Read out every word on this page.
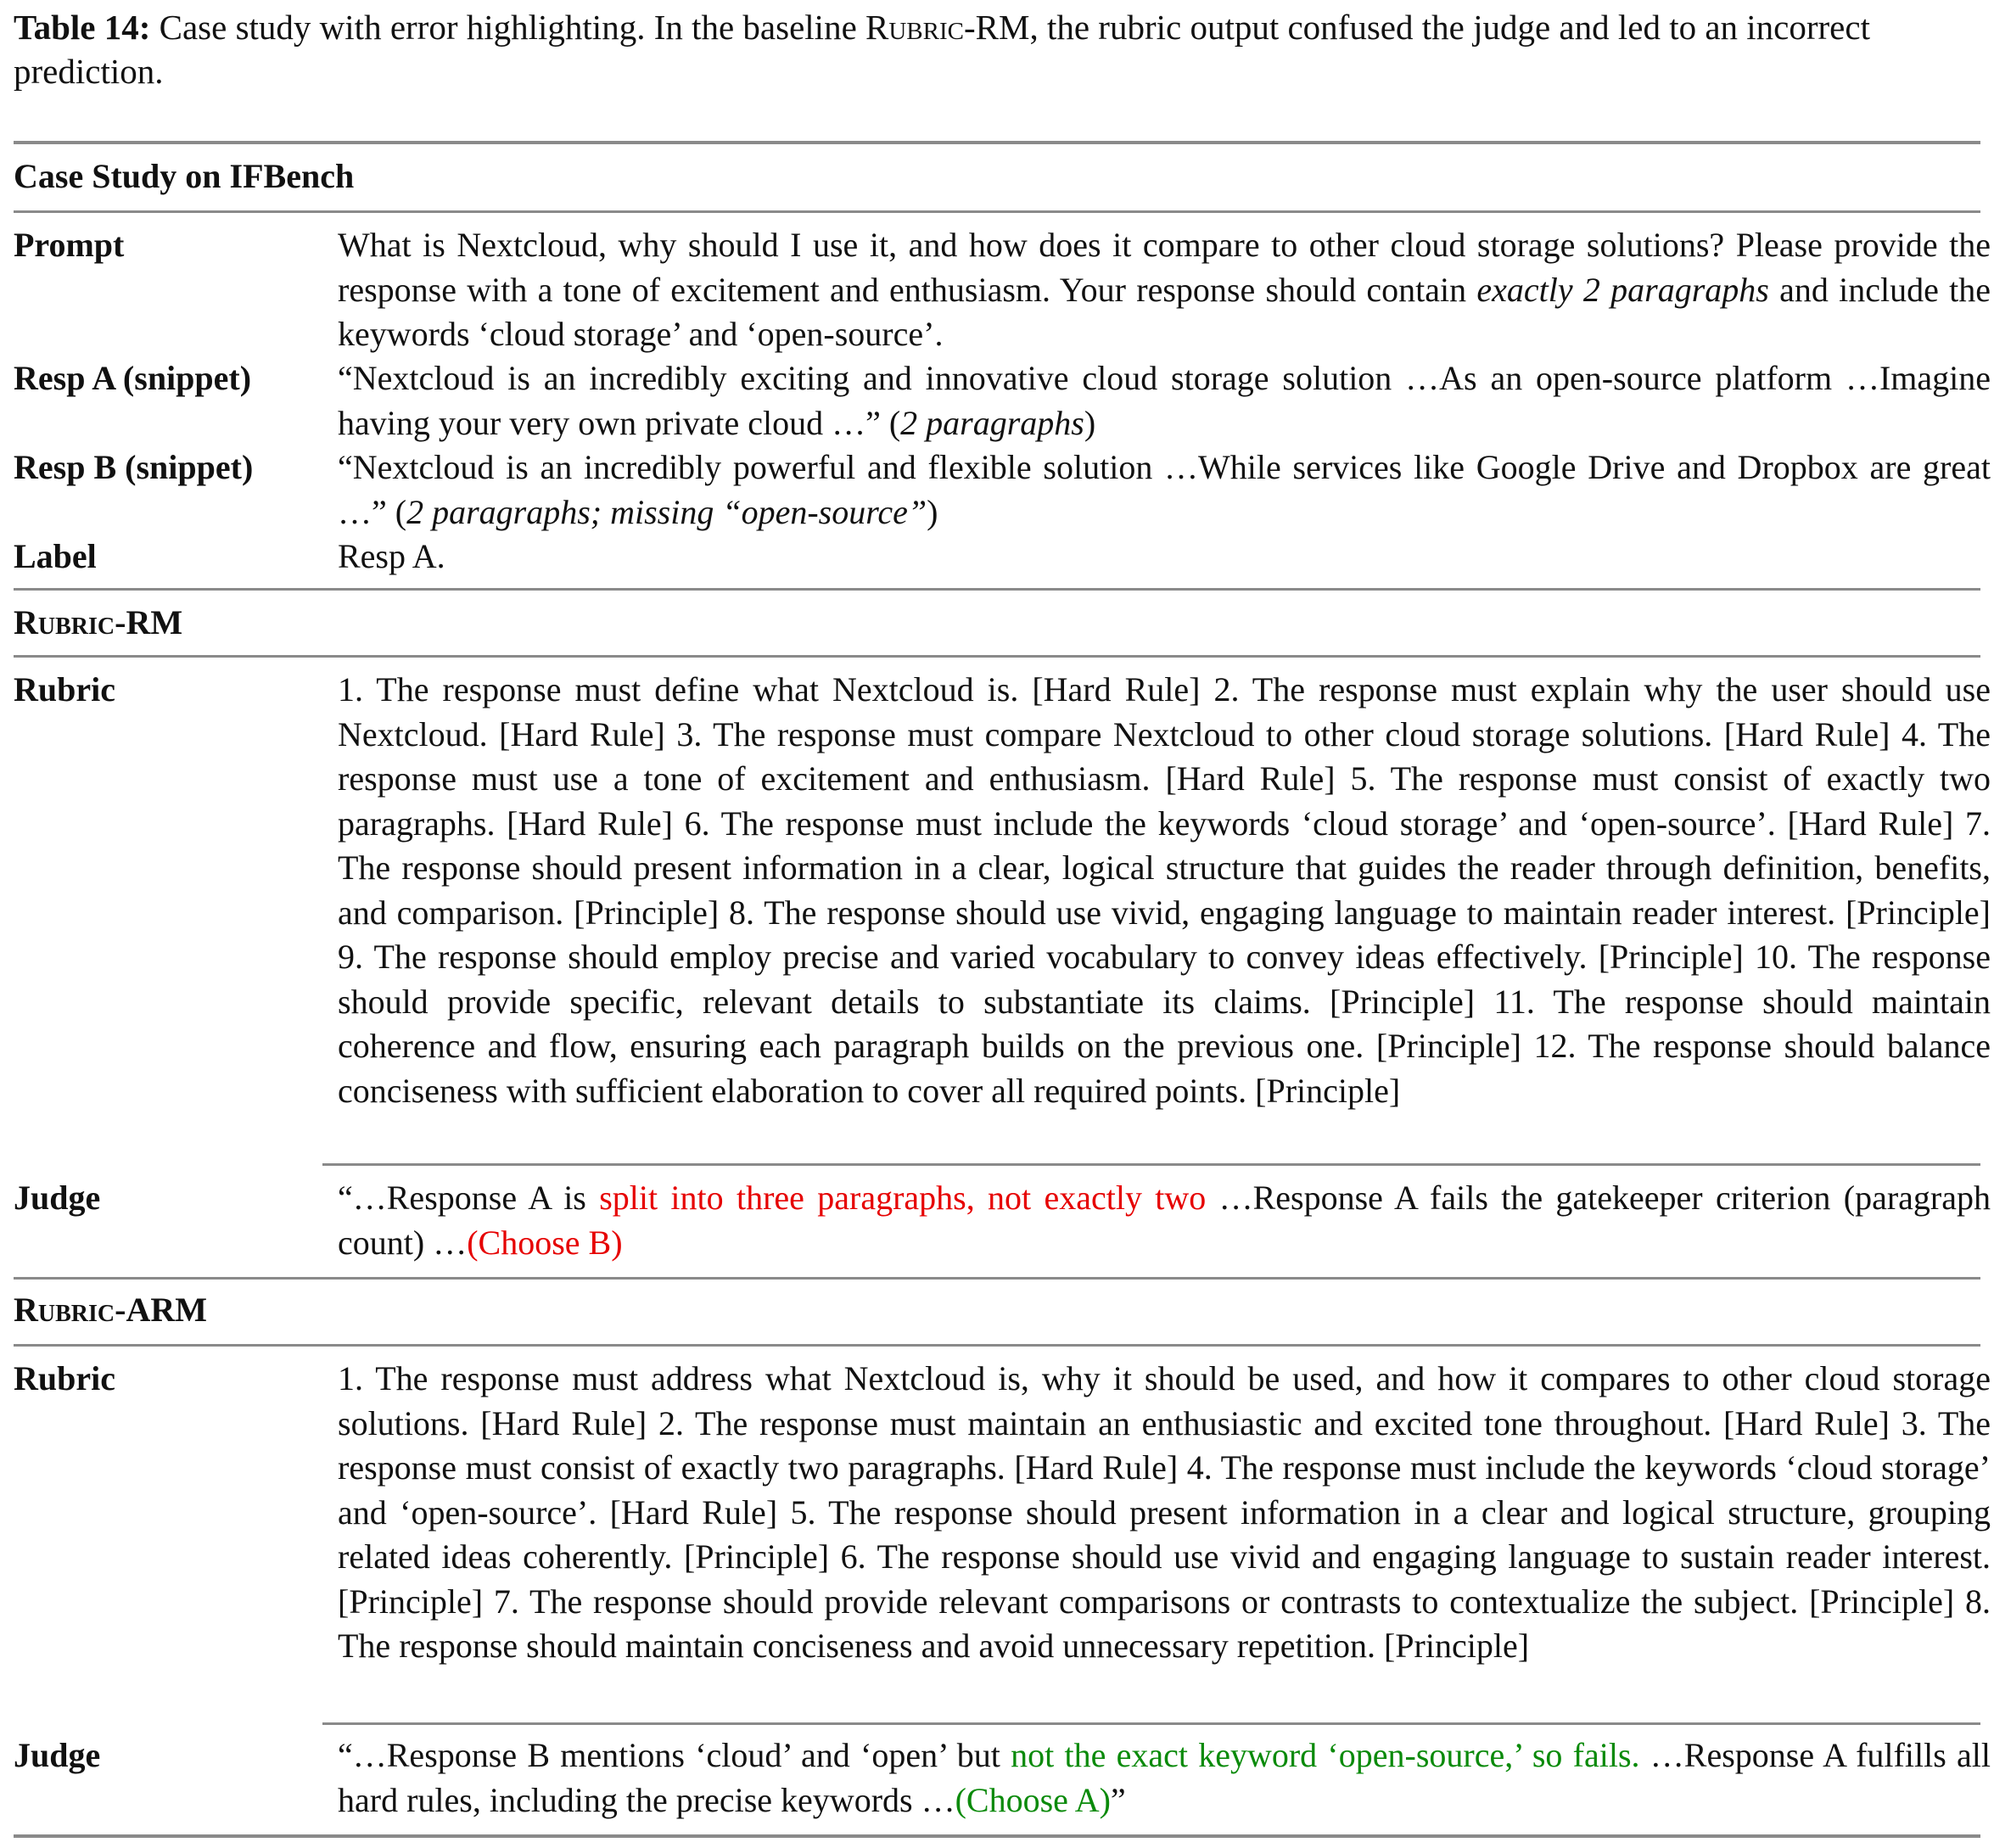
Table 14: Case study with error highlighting. In the baseline Rubric-RM, the rubric output confused the judge and led to an incorrect prediction.
Case Study on IFBench
Prompt	What is Nextcloud, why should I use it, and how does it compare to other cloud storage solutions? Please provide the response with a tone of excitement and enthusiasm. Your response should contain exactly 2 paragraphs and include the keywords ‘cloud storage’ and ‘open-source’.
Resp A (snippet)	“Nextcloud is an incredibly exciting and innovative cloud storage solution …As an open-source platform …Imagine having your very own private cloud …” (2 paragraphs)
Resp B (snippet)	“Nextcloud is an incredibly powerful and flexible solution …While services like Google Drive and Dropbox are great …” (2 paragraphs; missing “open-source”)
Label	Resp A.
Rubric-RM
Rubric	1. The response must define what Nextcloud is. [Hard Rule] 2. The response must explain why the user should use Nextcloud. [Hard Rule] 3. The response must compare Nextcloud to other cloud storage solutions. [Hard Rule] 4. The response must use a tone of excitement and enthusiasm. [Hard Rule] 5. The response must consist of exactly two paragraphs. [Hard Rule] 6. The response must include the keywords ‘cloud storage’ and ‘open-source’. [Hard Rule] 7. The response should present information in a clear, logical structure that guides the reader through definition, benefits, and comparison. [Principle] 8. The response should use vivid, engaging language to maintain reader interest. [Principle] 9. The response should employ precise and varied vocabulary to convey ideas effectively. [Principle] 10. The response should provide specific, relevant details to substantiate its claims. [Principle] 11. The response should maintain coherence and flow, ensuring each paragraph builds on the previous one. [Principle] 12. The response should balance conciseness with sufficient elaboration to cover all required points. [Principle]
Judge	“…Response A is split into three paragraphs, not exactly two …Response A fails the gatekeeper criterion (paragraph count) …(Choose B)
Rubric-ARM
Rubric	1. The response must address what Nextcloud is, why it should be used, and how it compares to other cloud storage solutions. [Hard Rule] 2. The response must maintain an enthusiastic and excited tone throughout. [Hard Rule] 3. The response must consist of exactly two paragraphs. [Hard Rule] 4. The response must include the keywords ‘cloud storage’ and ‘open-source’. [Hard Rule] 5. The response should present information in a clear and logical structure, grouping related ideas coherently. [Principle] 6. The response should use vivid and engaging language to sustain reader interest. [Principle] 7. The response should provide relevant comparisons or contrasts to contextualize the subject. [Principle] 8. The response should maintain conciseness and avoid unnecessary repetition. [Principle]
Judge	“…Response B mentions ‘cloud’ and ‘open’ but not the exact keyword ‘open-source,’ so fails. …Response A fulfills all hard rules, including the precise keywords …(Choose A)”
